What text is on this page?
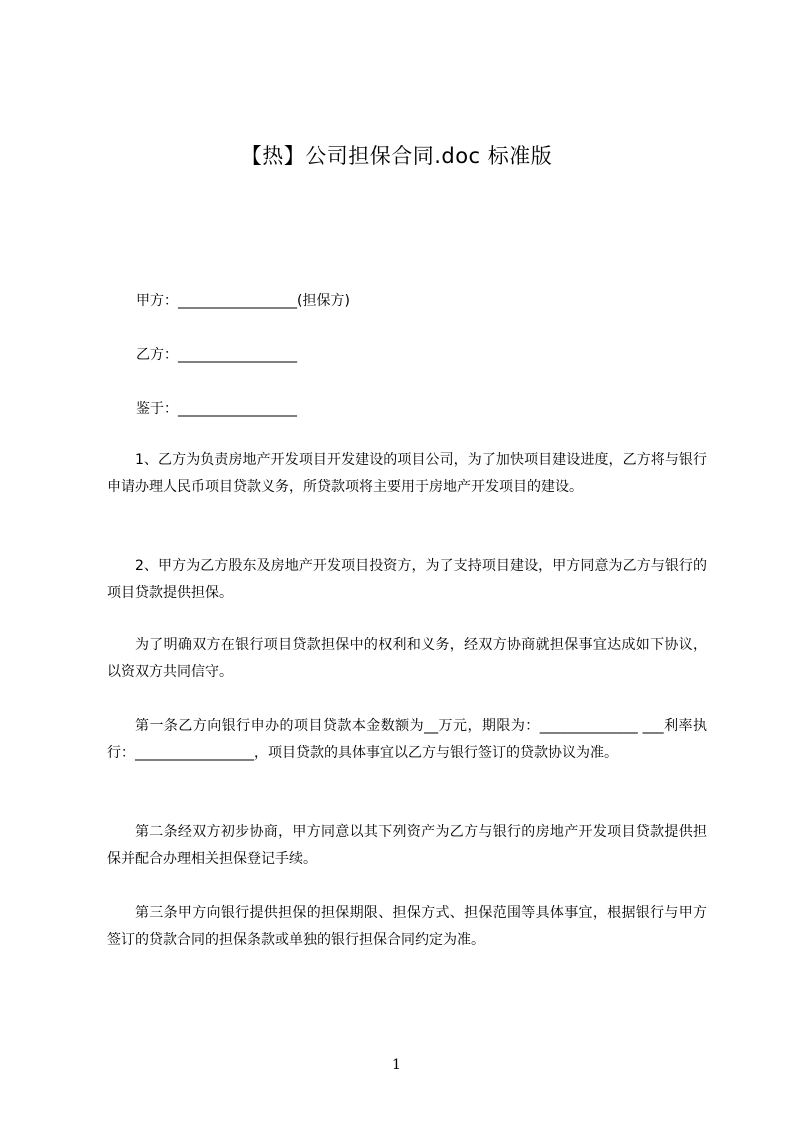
【热】公司担保合同.doc 标准版

甲方：_________________(担保方)

乙方：_________________

鉴于：_________________

1、乙方为负责房地产开发项目开发建设的项目公司，为了加快项目建设进度，乙方将与银行申请办理人民币项目贷款义务，所贷款项将主要用于房地产开发项目的建设。

2、甲方为乙方股东及房地产开发项目投资方，为了支持项目建设，甲方同意为乙方与银行的项目贷款提供担保。

为了明确双方在银行项目贷款担保中的权利和义务，经双方协商就担保事宜达成如下协议，以资双方共同信守。

第一条乙方向银行申办的项目贷款本金数额为__万元，期限为：______________ ___利率执行：_________________，项目贷款的具体事宜以乙方与银行签订的贷款协议为准。

第二条经双方初步协商，甲方同意以其下列资产为乙方与银行的房地产开发项目贷款提供担保并配合办理相关担保登记手续。

第三条甲方向银行提供担保的担保期限、担保方式、担保范围等具体事宜，根据银行与甲方签订的贷款合同的担保条款或单独的银行担保合同约定为准。

1
